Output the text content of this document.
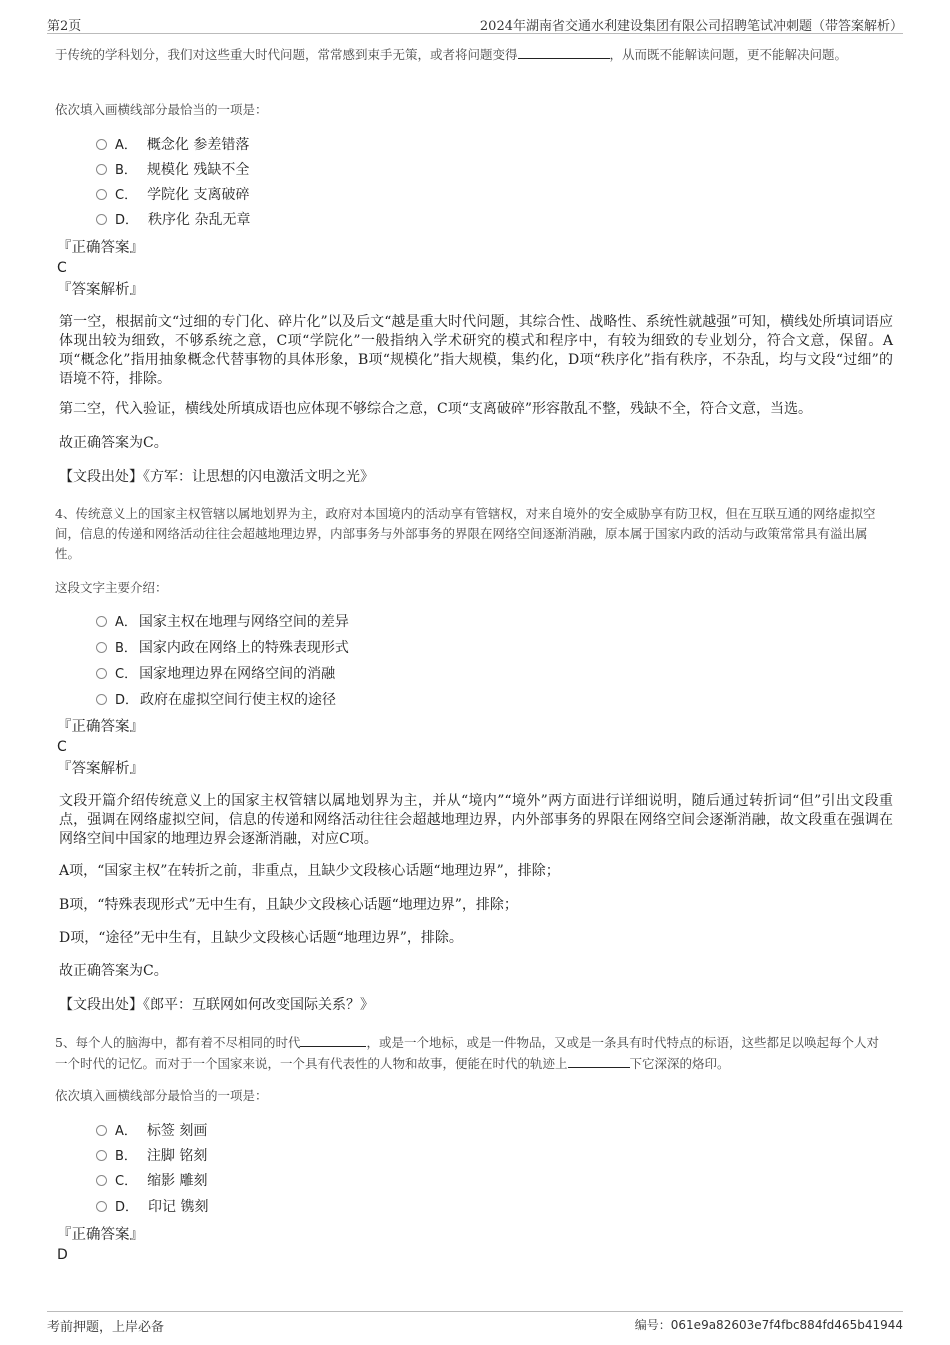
第2页	2024年湖南省交通水利建设集团有限公司招聘笔试冲刺题（带答案解析）
于传统的学科划分，我们对这些重大时代问题，常常感到束手无策，或者将问题变得	，从而既不能解读问题，更不能解决问题。
依次填入画横线部分最恰当的一项是：
A． 概念化 参差错落
B． 规模化 残缺不全
C． 学院化 支离破碎
D． 秩序化 杂乱无章
『正确答案』
C
『答案解析』
第一空，根据前文“过细的专门化、碎片化”以及后文“越是重大时代问题，其综合性、战略性、系统性就越强”可知，横线处所填词语应体现出较为细致，不够系统之意，C项“学院化”一般指纳入学术研究的模式和程序中，有较为细致的专业划分，符合文意，保留。A项“概念化”指用抽象概念代替事物的具体形象，B项“规模化”指大规模，集约化，D项“秩序化”指有秩序，不杂乱，均与文段“过细”的语境不符，排除。
第二空，代入验证，横线处所填成语也应体现不够综合之意，C项“支离破碎”形容散乱不整，残缺不全，符合文意，当选。
故正确答案为C。
【文段出处】《方军：让思想的闪电激活文明之光》
4、传统意义上的国家主权管辖以属地划界为主，政府对本国境内的活动享有管辖权，对来自境外的安全威胁享有防卫权，但在互联互通的网络虚拟空间，信息的传递和网络活动往往会超越地理边界，内部事务与外部事务的界限在网络空间逐渐消融，原本属于国家内政的活动与政策常常具有溢出属性。
这段文字主要介绍：
A． 国家主权在地理与网络空间的差异
B． 国家内政在网络上的特殊表现形式
C． 国家地理边界在网络空间的消融
D． 政府在虚拟空间行使主权的途径
『正确答案』
C
『答案解析』
文段开篇介绍传统意义上的国家主权管辖以属地划界为主，并从“境内”“境外”两方面进行详细说明，随后通过转折词“但”引出文段重点，强调在网络虚拟空间，信息的传递和网络活动往往会超越地理边界，内外部事务的界限在网络空间会逐渐消融，故文段重在强调在网络空间中国家的地理边界会逐渐消融，对应C项。
A项，“国家主权”在转折之前，非重点，且缺少文段核心话题“地理边界”，排除；
B项，“特殊表现形式”无中生有，且缺少文段核心话题“地理边界”，排除；
D项，“途径”无中生有，且缺少文段核心话题“地理边界”，排除。
故正确答案为C。
【文段出处】《郎平：互联网如何改变国际关系？》
5、每个人的脑海中，都有着不尽相同的时代	，或是一个地标，或是一件物品，又或是一条具有时代特点的标语，这些都足以唤起每个人对一个时代的记忆。而对于一个国家来说，一个具有代表性的人物和故事，便能在时代的轨迹上	下它深深的烙印。
依次填入画横线部分最恰当的一项是：
A． 标签 刻画
B． 注脚 铭刻
C． 缩影 雕刻
D． 印记 镌刻
『正确答案』
D
考前押题，上岸必备	编号：061e9a82603e7f4fbc884fd465b41944
